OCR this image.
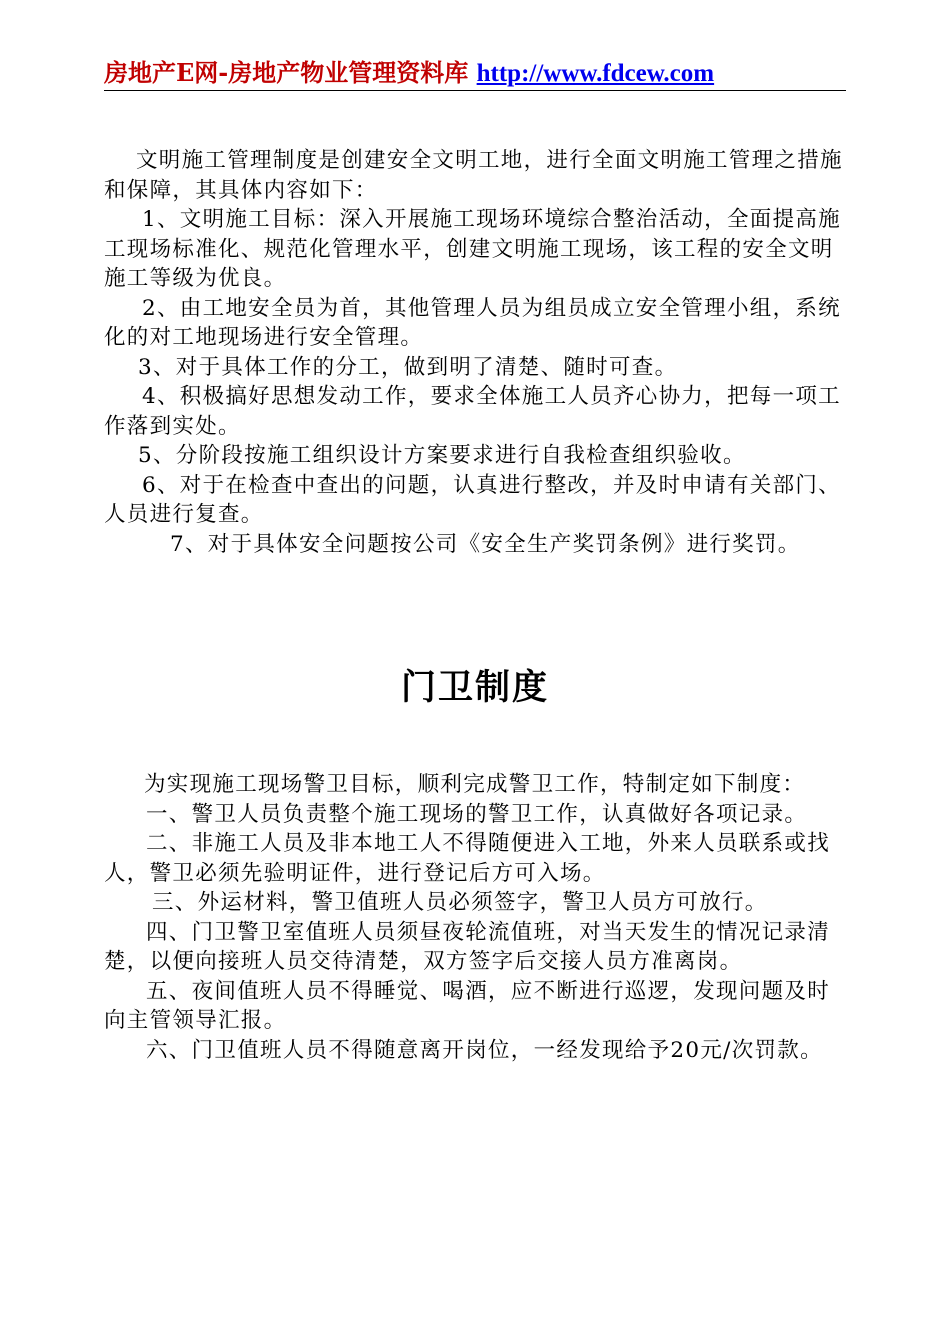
房地产E网-房地产物业管理资料库 http://www.fdcew.com

文明施工管理制度是创建安全文明工地，进行全面文明施工管理之措施和保障，其具体内容如下：

1、文明施工目标：深入开展施工现场环境综合整治活动，全面提高施工现场标准化、规范化管理水平，创建文明施工现场，该工程的安全文明施工等级为优良。

2、由工地安全员为首，其他管理人员为组员成立安全管理小组，系统化的对工地现场进行安全管理。

3、对于具体工作的分工，做到明了清楚、随时可查。

4、积极搞好思想发动工作，要求全体施工人员齐心协力，把每一项工作落到实处。

5、分阶段按施工组织设计方案要求进行自我检查组织验收。

6、对于在检查中查出的问题，认真进行整改，并及时申请有关部门、人员进行复查。

7、对于具体安全问题按公司《安全生产奖罚条例》进行奖罚。

门卫制度

为实现施工现场警卫目标，顺利完成警卫工作，特制定如下制度：

一、警卫人员负责整个施工现场的警卫工作，认真做好各项记录。

二、非施工人员及非本地工人不得随便进入工地，外来人员联系或找人，警卫必须先验明证件，进行登记后方可入场。

三、外运材料，警卫值班人员必须签字，警卫人员方可放行。

四、门卫警卫室值班人员须昼夜轮流值班，对当天发生的情况记录清楚，以便向接班人员交待清楚，双方签字后交接人员方准离岗。

五、夜间值班人员不得睡觉、喝酒，应不断进行巡逻，发现问题及时向主管领导汇报。

六、门卫值班人员不得随意离开岗位，一经发现给予20元/次罚款。
